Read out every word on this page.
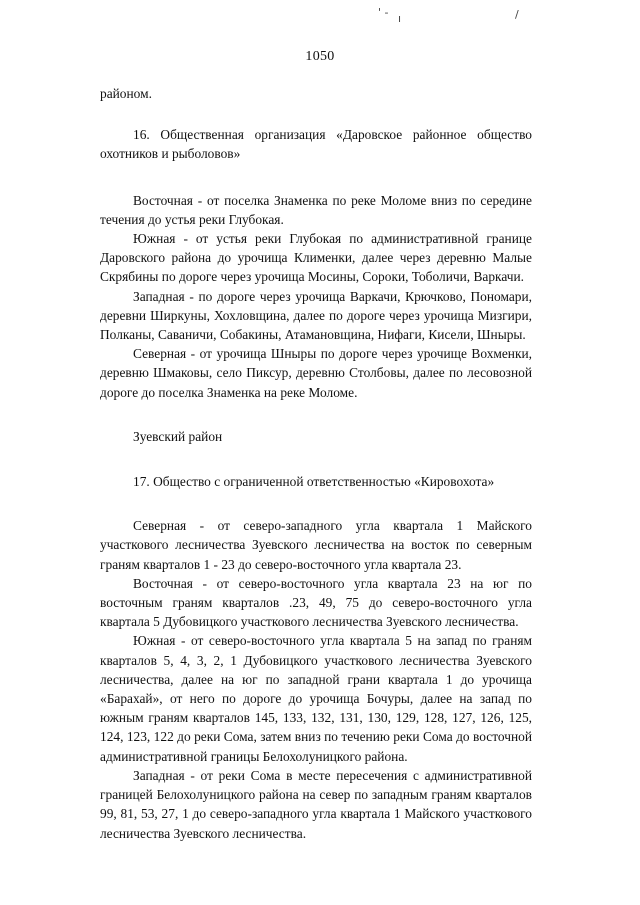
' - ı	/
1050

районом.

16. Общественная организация «Даровское районное общество охотников и рыболовов»

Восточная - от поселка Знаменка по реке Моломе вниз по середине течения до устья реки Глубокая.

Южная - от устья реки Глубокая по административной границе Даровского района до урочища Клименки, далее через деревню Малые Скрябины по дороге через урочища Мосины, Сороки, Тоболичи, Варкачи.

Западная - по дороге через урочища Варкачи, Крючково, Пономари, деревни Ширкуны, Хохловщина, далее по дороге через урочища Мизгири, Полканы, Саваничи, Собакины, Атамановщина, Нифаги, Кисели, Шныры.

Северная - от урочища Шныры по дороге через урочище Вохменки, деревню Шмаковы, село Пиксур, деревню Столбовы, далее по лесовозной дороге до поселка Знаменка на реке Моломе.

Зуевский район

17. Общество с ограниченной ответственностью «Кировохота»

Северная - от северо-западного угла квартала 1 Майского участкового лесничества Зуевского лесничества на восток по северным граням кварталов 1 - 23 до северо-восточного угла квартала 23.

Восточная - от северо-восточного угла квартала 23 на юг по восточным граням кварталов .23, 49, 75 до северо-восточного угла квартала 5 Дубовицкого участкового лесничества Зуевского лесничества.

Южная - от северо-восточного угла квартала 5 на запад по граням кварталов 5, 4, 3, 2, 1 Дубовицкого участкового лесничества Зуевского лесничества, далее на юг по западной грани квартала 1 до урочища «Барахай», от него по дороге до урочища Бочуры, далее на запад по южным граням кварталов 145, 133, 132, 131, 130, 129, 128, 127, 126, 125, 124, 123, 122 до реки Сома, затем вниз по течению реки Сома до восточной административной границы Белохолуницкого района.

Западная - от реки Сома в месте пересечения с административной границей Белохолуницкого района на север по западным граням кварталов 99, 81, 53, 27, 1 до северо-западного угла квартала 1 Майского участкового лесничества Зуевского лесничества.
